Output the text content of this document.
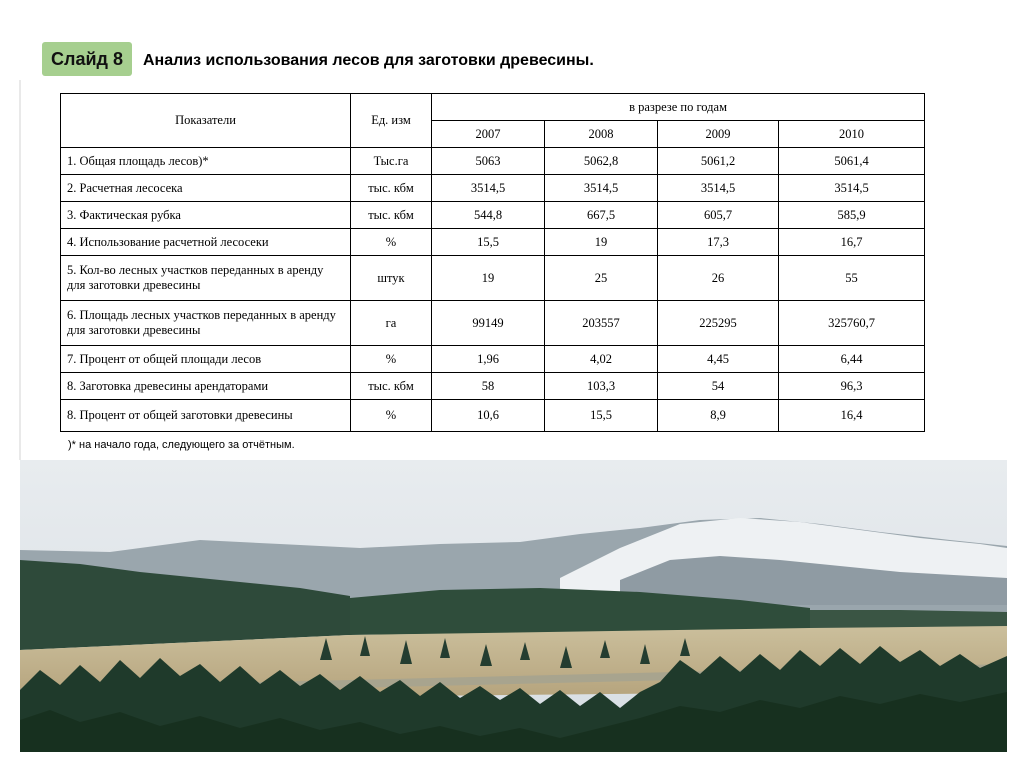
Слайд 8	Анализ использования лесов для заготовки древесины.
Показатели	Ед. изм	в разрезе по годам			
		2007	2008	2009	2010
1. Общая площадь лесов)*	Тыс.га	5063	5062,8	5061,2	5061,4
2. Расчетная лесосека	тыс. кбм	3514,5	3514,5	3514,5	3514,5
3. Фактическая рубка	тыс. кбм	544,8	667,5	605,7	585,9
4. Использование расчетной лесосеки	%	15,5	19	17,3	16,7
5. Кол-во лесных участков переданных в аренду для заготовки древесины	штук	19	25	26	55
6. Площадь лесных участков переданных в аренду для заготовки древесины	га	99149	203557	225295	325760,7
7. Процент от общей площади лесов	%	1,96	4,02	4,45	6,44
8. Заготовка древесины арендаторами	тыс. кбм	58	103,3	54	96,3
8. Процент от общей заготовки древесины	%	10,6	15,5	8,9	16,4
)* на начало года, следующего за отчётным.
